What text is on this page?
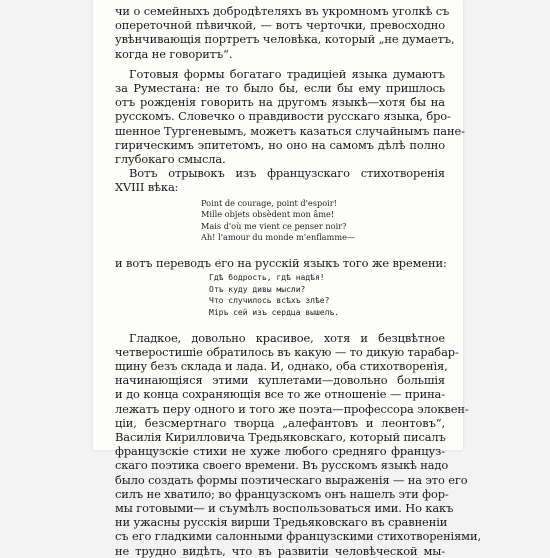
чи о семейныхъ добродѣтеляхъ въ укромномъ уголкѣ съ
опереточной пѣвичкой, — вотъ черточки, превосходно
увѣнчивающія портретъ человѣка, который „не думаетъ,
когда не говоритъ“.
Готовыя формы богатаго традиціей языка думаютъ
за Руместана: не то было бы, если бы ему пришлось
отъ рожденія говорить на другомъ языкѣ—хотя бы на
русскомъ. Словечко о правдивости русскаго языка, бро-
шенное Тургеневымъ, можетъ казаться случайнымъ пане-
гирическимъ эпитетомъ, но оно на самомъ дѣлѣ полно
глубокаго смысла.
Вотъ отрывокъ изъ французскаго стихотворенія
XVIII вѣка:
Point de courage, point d'espoir!
Mille objets obsèdent mon âme!
Mais d'où me vient ce penser noir?
Ah! l'amour du monde m'enflamme—
и вотъ переводъ его на русскій языкъ того же времени:
Гдѣ бодрость, гдѣ надѣя!
Отъ куду дивы мысли?
Что случилось всѣхъ злѣе?
Міръ сей изъ сердца вышелъ.
Гладкое, довольно красивое, хотя и безцвѣтное
четверостишіе обратилось въ какую — то дикую тарабар-
щину безъ склада и лада. И, однако, оба стихотворенія,
начинающіяся этими куплетами—довольно большія
и до конца сохраняющія все то же отношеніе — прина-
лежатъ перу одного и того же поэта—профессора элоквен-
ціи, безсмертнаго творца „алефантовъ и леонтовъ“,
Василія Кирилловича Тредьяковскаго, который писалъ
французскіе стихи не хуже любого средняго француз-
скаго поэтика своего времени. Въ русскомъ языкѣ надо
было создать формы поэтическаго выраженія — на это его
силъ не хватило; во французскомъ онъ нашелъ эти фор-
мы готовыми— и съумѣлъ воспользоваться ими. Но какъ
ни ужасны русскія вирши Тредьяковскаго въ сравненіи
съ его гладкими салонными французскими стихотвореніями,
не трудно видѣть, что въ развитіи человѣческой мы-
